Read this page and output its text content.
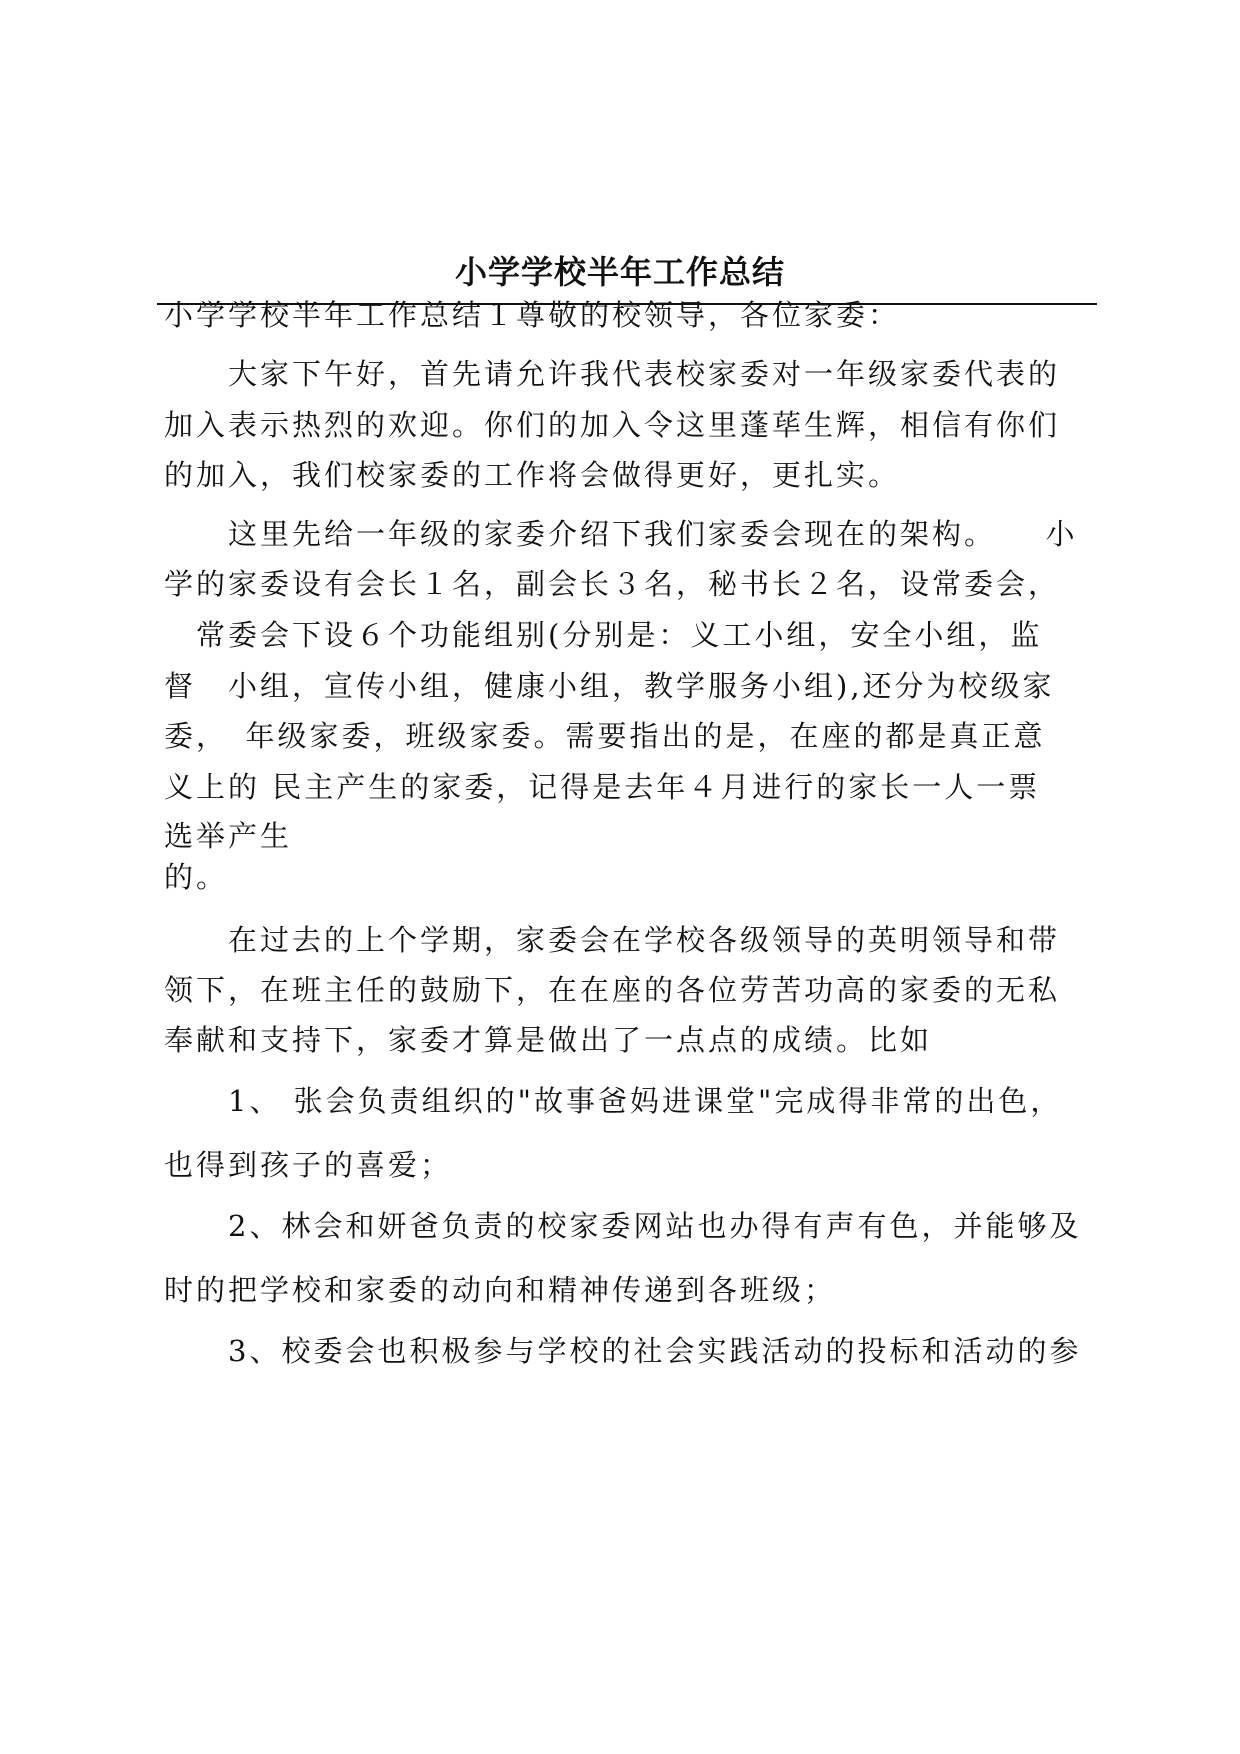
小学学校半年工作总结
小学学校半年工作总结１尊敬的校领导，各位家委：
　　大家下午好，首先请允许我代表校家委对一年级家委代表的
加入表示热烈的欢迎。你们的加入令这里蓬荜生辉，相信有你们
的加入，我们校家委的工作将会做得更好，更扎实。
　　这里先给一年级的家委介绍下我们家委会现在的架构。　　小
学的家委设有会长１名，副会长３名，秘书长２名，设常委会，
　常委会下设６个功能组别(分别是：义工小组，安全小组，监
督　小组，宣传小组，健康小组，教学服务小组),还分为校级家
委，　年级家委，班级家委。需要指出的是，在座的都是真正意
义上的 民主产生的家委，记得是去年４月进行的家长一人一票
选举产生
的。
　　在过去的上个学期，家委会在学校各级领导的英明领导和带
领下，在班主任的鼓励下，在在座的各位劳苦功高的家委的无私
奉献和支持下，家委才算是做出了一点点的成绩。比如
　　1、 张会负责组织的"故事爸妈进课堂"完成得非常的出色，
也得到孩子的喜爱；
　　2、林会和妍爸负责的校家委网站也办得有声有色，并能够及
时的把学校和家委的动向和精神传递到各班级；
　　3、校委会也积极参与学校的社会实践活动的投标和活动的参
